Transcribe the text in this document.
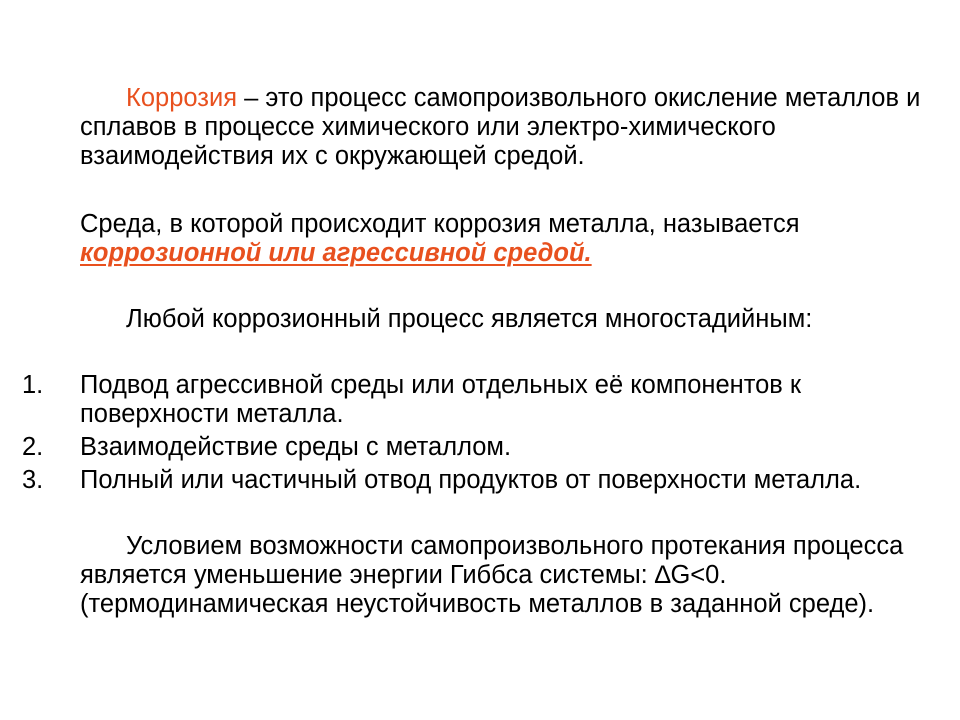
Коррозия – это процесс самопроизвольного окисление металлов и сплавов в процессе химического или электро-химического взаимодействия их с окружающей средой.

Среда, в которой происходит коррозия металла, называется коррозионной или агрессивной средой.

Любой коррозионный процесс является многостадийным:

1. Подвод агрессивной среды или отдельных её компонентов к поверхности металла.
2. Взаимодействие среды с металлом.
3. Полный или частичный отвод продуктов от поверхности металла.

Условием возможности самопроизвольного протекания процесса является уменьшение энергии Гиббса системы: ∆G<0.(термодинамическая неустойчивость металлов в заданной среде).
